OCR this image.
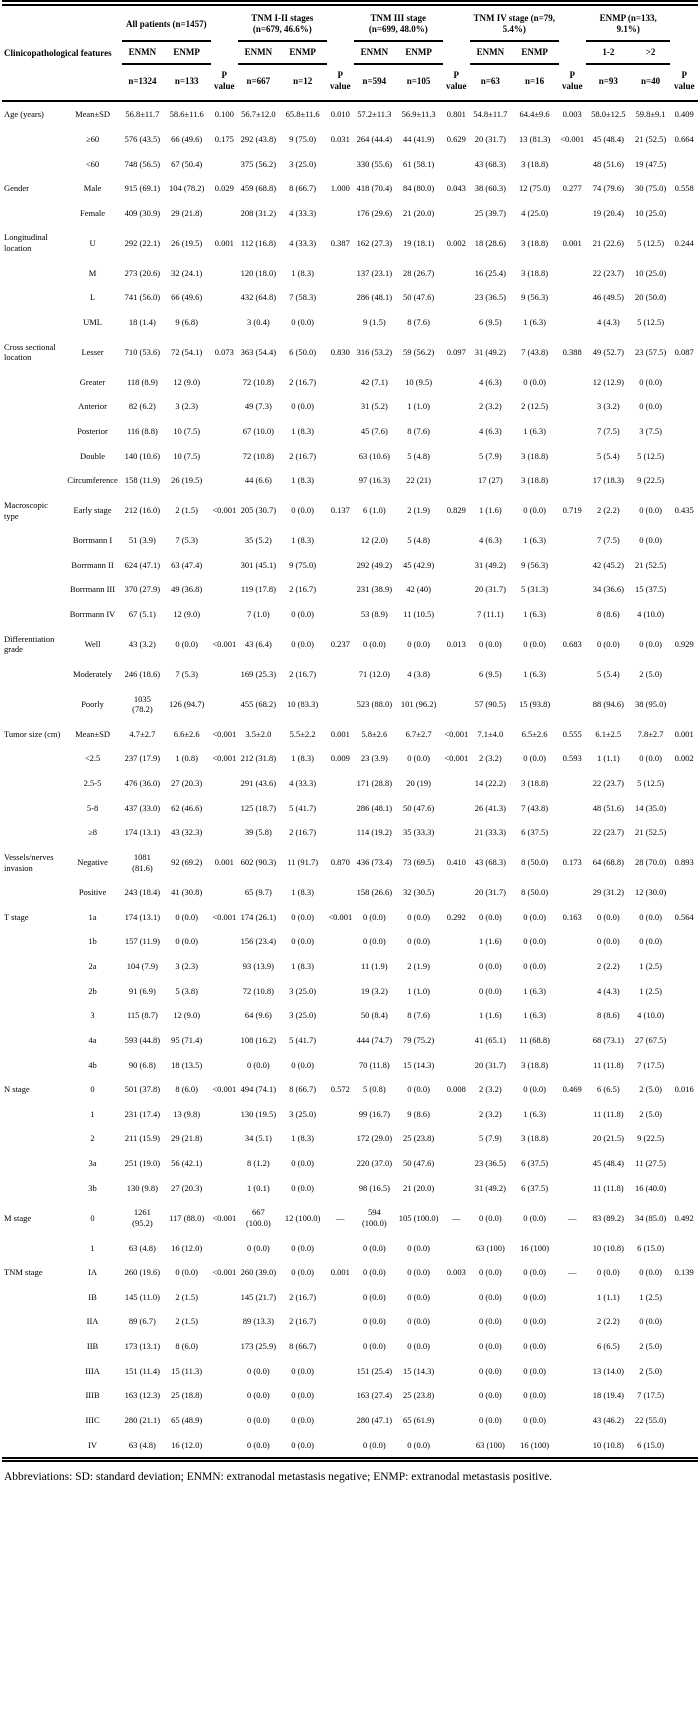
Clinicopathological features		All patients (n=1457)			TNM I-II stages (n=679, 46.6%)			TNM III stage (n=699, 48.0%)			TNM IV stage (n=79, 5.4%)			ENMP (n=133, 9.1%)		
		ENMN	ENMP		ENMN	ENMP		ENMN	ENMP		ENMN	ENMP		1-2	>2	
		n=1324	n=133	P value	n=667	n=12	P value	n=594	n=105	P value	n=63	n=16	P value	n=93	n=40	P value
Age (years)	Mean±SD	56.8±11.7	58.6±11.6	0.100	56.7±12.0	65.8±11.6	0.010	57.2±11.3	56.9±11.3	0.801	54.8±11.7	64.4±9.6	0.003	58.0±12.5	59.8±9.1	0.409
	≥60	576 (43.5)	66 (49.6)	0.175	292 (43.8)	9 (75.0)	0.031	264 (44.4)	44 (41.9)	0.629	20 (31.7)	13 (81.3)	<0.001	45 (48.4)	21 (52.5)	0.664
	<60	748 (56.5)	67 (50.4)		375 (56.2)	3 (25.0)		330 (55.6)	61 (58.1)		43 (68.3)	3 (18.8)		48 (51.6)	19 (47.5)	
Gender	Male	915 (69.1)	104 (78.2)	0.029	459 (68.8)	8 (66.7)	1.000	418 (70.4)	84 (80.0)	0.043	38 (60.3)	12 (75.0)	0.277	74 (79.6)	30 (75.0)	0.558
	Female	409 (30.9)	29 (21.8)		208 (31.2)	4 (33.3)		176 (29.6)	21 (20.0)		25 (39.7)	4 (25.0)		19 (20.4)	10 (25.0)	
Longitudinal location	U	292 (22.1)	26 (19.5)	0.001	112 (16.8)	4 (33.3)	0.387	162 (27.3)	19 (18.1)	0.002	18 (28.6)	3 (18.8)	0.001	21 (22.6)	5 (12.5)	0.244
	M	273 (20.6)	32 (24.1)		120 (18.0)	1 (8.3)		137 (23.1)	28 (26.7)		16 (25.4)	3 (18.8)		22 (23.7)	10 (25.0)	
	L	741 (56.0)	66 (49.6)		432 (64.8)	7 (58.3)		286 (48.1)	50 (47.6)		23 (36.5)	9 (56.3)		46 (49.5)	20 (50.0)	
	UML	18 (1.4)	9 (6.8)		3 (0.4)	0 (0.0)		9 (1.5)	8 (7.6)		6 (9.5)	1 (6.3)		4 (4.3)	5 (12.5)	
Cross sectional location	Lesser	710 (53.6)	72 (54.1)	0.073	363 (54.4)	6 (50.0)	0.830	316 (53.2)	59 (56.2)	0.097	31 (49.2)	7 (43.8)	0.388	49 (52.7)	23 (57.5)	0.087
	Greater	118 (8.9)	12 (9.0)		72 (10.8)	2 (16.7)		42 (7.1)	10 (9.5)		4 (6.3)	0 (0.0)		12 (12.9)	0 (0.0)	
	Anterior	82 (6.2)	3 (2.3)		49 (7.3)	0 (0.0)		31 (5.2)	1 (1.0)		2 (3.2)	2 (12.5)		3 (3.2)	0 (0.0)	
	Posterior	116 (8.8)	10 (7.5)		67 (10.0)	1 (8.3)		45 (7.6)	8 (7.6)		4 (6.3)	1 (6.3)		7 (7.5)	3 (7.5)	
	Double	140 (10.6)	10 (7.5)		72 (10.8)	2 (16.7)		63 (10.6)	5 (4.8)		5 (7.9)	3 (18.8)		5 (5.4)	5 (12.5)	
	Circumference	158 (11.9)	26 (19.5)		44 (6.6)	1 (8.3)		97 (16.3)	22 (21)		17 (27)	3 (18.8)		17 (18.3)	9 (22.5)	
Macroscopic type	Early stage	212 (16.0)	2 (1.5)	<0.001	205 (30.7)	0 (0.0)	0.137	6 (1.0)	2 (1.9)	0.829	1 (1.6)	0 (0.0)	0.719	2 (2.2)	0 (0.0)	0.435
	Borrmann I	51 (3.9)	7 (5.3)		35 (5.2)	1 (8.3)		12 (2.0)	5 (4.8)		4 (6.3)	1 (6.3)		7 (7.5)	0 (0.0)	
	Borrmann II	624 (47.1)	63 (47.4)		301 (45.1)	9 (75.0)		292 (49.2)	45 (42.9)		31 (49.2)	9 (56.3)		42 (45.2)	21 (52.5)	
	Borrmann III	370 (27.9)	49 (36.8)		119 (17.8)	2 (16.7)		231 (38.9)	42 (40)		20 (31.7)	5 (31.3)		34 (36.6)	15 (37.5)	
	Borrmann IV	67 (5.1)	12 (9.0)		7 (1.0)	0 (0.0)		53 (8.9)	11 (10.5)		7 (11.1)	1 (6.3)		8 (8.6)	4 (10.0)	
Differentiation grade	Well	43 (3.2)	0 (0.0)	<0.001	43 (6.4)	0 (0.0)	0.237	0 (0.0)	0 (0.0)	0.013	0 (0.0)	0 (0.0)	0.683	0 (0.0)	0 (0.0)	0.929
	Moderately	246 (18.6)	7 (5.3)		169 (25.3)	2 (16.7)		71 (12.0)	4 (3.8)		6 (9.5)	1 (6.3)		5 (5.4)	2 (5.0)	
	Poorly	1035 (78.2)	126 (94.7)		455 (68.2)	10 (83.3)		523 (88.0)	101 (96.2)		57 (90.5)	15 (93.8)		88 (94.6)	38 (95.0)	
Tumor size (cm)	Mean±SD	4.7±2.7	6.6±2.6	<0.001	3.5±2.0	5.5±2.2	0.001	5.8±2.6	6.7±2.7	<0.001	7.1±4.0	6.5±2.6	0.555	6.1±2.5	7.8±2.7	0.001
	<2.5	237 (17.9)	1 (0.8)	<0.001	212 (31.8)	1 (8.3)	0.009	23 (3.9)	0 (0.0)	<0.001	2 (3.2)	0 (0.0)	0.593	1 (1.1)	0 (0.0)	0.002
	2.5-5	476 (36.0)	27 (20.3)		291 (43.6)	4 (33.3)		171 (28.8)	20 (19)		14 (22.2)	3 (18.8)		22 (23.7)	5 (12.5)	
	5-8	437 (33.0)	62 (46.6)		125 (18.7)	5 (41.7)		286 (48.1)	50 (47.6)		26 (41.3)	7 (43.8)		48 (51.6)	14 (35.0)	
	≥8	174 (13.1)	43 (32.3)		39 (5.8)	2 (16.7)		114 (19.2)	35 (33.3)		21 (33.3)	6 (37.5)		22 (23.7)	21 (52.5)	
Vessels/nerves invasion	Negative	1081 (81.6)	92 (69.2)	0.001	602 (90.3)	11 (91.7)	0.870	436 (73.4)	73 (69.5)	0.410	43 (68.3)	8 (50.0)	0.173	64 (68.8)	28 (70.0)	0.893
	Positive	243 (18.4)	41 (30.8)		65 (9.7)	1 (8.3)		158 (26.6)	32 (30.5)		20 (31.7)	8 (50.0)		29 (31.2)	12 (30.0)	
T stage	1a	174 (13.1)	0 (0.0)	<0.001	174 (26.1)	0 (0.0)	<0.001	0 (0.0)	0 (0.0)	0.292	0 (0.0)	0 (0.0)	0.163	0 (0.0)	0 (0.0)	0.564
	1b	157 (11.9)	0 (0.0)		156 (23.4)	0 (0.0)		0 (0.0)	0 (0.0)		1 (1.6)	0 (0.0)		0 (0.0)	0 (0.0)	
	2a	104 (7.9)	3 (2.3)		93 (13.9)	1 (8.3)		11 (1.9)	2 (1.9)		0 (0.0)	0 (0.0)		2 (2.2)	1 (2.5)	
	2b	91 (6.9)	5 (3.8)		72 (10.8)	3 (25.0)		19 (3.2)	1 (1.0)		0 (0.0)	1 (6.3)		4 (4.3)	1 (2.5)	
	3	115 (8.7)	12 (9.0)		64 (9.6)	3 (25.0)		50 (8.4)	8 (7.6)		1 (1.6)	1 (6.3)		8 (8.6)	4 (10.0)	
	4a	593 (44.8)	95 (71.4)		108 (16.2)	5 (41.7)		444 (74.7)	79 (75.2)		41 (65.1)	11 (68.8)		68 (73.1)	27 (67.5)	
	4b	90 (6.8)	18 (13.5)		0 (0.0)	0 (0.0)		70 (11.8)	15 (14.3)		20 (31.7)	3 (18.8)		11 (11.8)	7 (17.5)	
N stage	0	501 (37.8)	8 (6.0)	<0.001	494 (74.1)	8 (66.7)	0.572	5 (0.8)	0 (0.0)	0.008	2 (3.2)	0 (0.0)	0.469	6 (6.5)	2 (5.0)	0.016
	1	231 (17.4)	13 (9.8)		130 (19.5)	3 (25.0)		99 (16.7)	9 (8.6)		2 (3.2)	1 (6.3)		11 (11.8)	2 (5.0)	
	2	211 (15.9)	29 (21.8)		34 (5.1)	1 (8.3)		172 (29.0)	25 (23.8)		5 (7.9)	3 (18.8)		20 (21.5)	9 (22.5)	
	3a	251 (19.0)	56 (42.1)		8 (1.2)	0 (0.0)		220 (37.0)	50 (47.6)		23 (36.5)	6 (37.5)		45 (48.4)	11 (27.5)	
	3b	130 (9.8)	27 (20.3)		1 (0.1)	0 (0.0)		98 (16.5)	21 (20.0)		31 (49.2)	6 (37.5)		11 (11.8)	16 (40.0)	
M stage	0	1261 (95.2)	117 (88.0)	<0.001	667 (100.0)	12 (100.0)	—	594 (100.0)	105 (100.0)	—	0 (0.0)	0 (0.0)	—	83 (89.2)	34 (85.0)	0.492
	1	63 (4.8)	16 (12.0)		0 (0.0)	0 (0.0)		0 (0.0)	0 (0.0)		63 (100)	16 (100)		10 (10.8)	6 (15.0)	
TNM stage	IA	260 (19.6)	0 (0.0)	<0.001	260 (39.0)	0 (0.0)	0.001	0 (0.0)	0 (0.0)	0.003	0 (0.0)	0 (0.0)	—	0 (0.0)	0 (0.0)	0.139
	IB	145 (11.0)	2 (1.5)		145 (21.7)	2 (16.7)		0 (0.0)	0 (0.0)		0 (0.0)	0 (0.0)		1 (1.1)	1 (2.5)	
	IIA	89 (6.7)	2 (1.5)		89 (13.3)	2 (16.7)		0 (0.0)	0 (0.0)		0 (0.0)	0 (0.0)		2 (2.2)	0 (0.0)	
	IIB	173 (13.1)	8 (6.0)		173 (25.9)	8 (66.7)		0 (0.0)	0 (0.0)		0 (0.0)	0 (0.0)		6 (6.5)	2 (5.0)	
	IIIA	151 (11.4)	15 (11.3)		0 (0.0)	0 (0.0)		151 (25.4)	15 (14.3)		0 (0.0)	0 (0.0)		13 (14.0)	2 (5.0)	
	IIIB	163 (12.3)	25 (18.8)		0 (0.0)	0 (0.0)		163 (27.4)	25 (23.8)		0 (0.0)	0 (0.0)		18 (19.4)	7 (17.5)	
	IIIC	280 (21.1)	65 (48.9)		0 (0.0)	0 (0.0)		280 (47.1)	65 (61.9)		0 (0.0)	0 (0.0)		43 (46.2)	22 (55.0)	
	IV	63 (4.8)	16 (12.0)		0 (0.0)	0 (0.0)		0 (0.0)	0 (0.0)		63 (100)	16 (100)		10 (10.8)	6 (15.0)	
Abbreviations: SD: standard deviation; ENMN: extranodal metastasis negative; ENMP: extranodal metastasis positive.
